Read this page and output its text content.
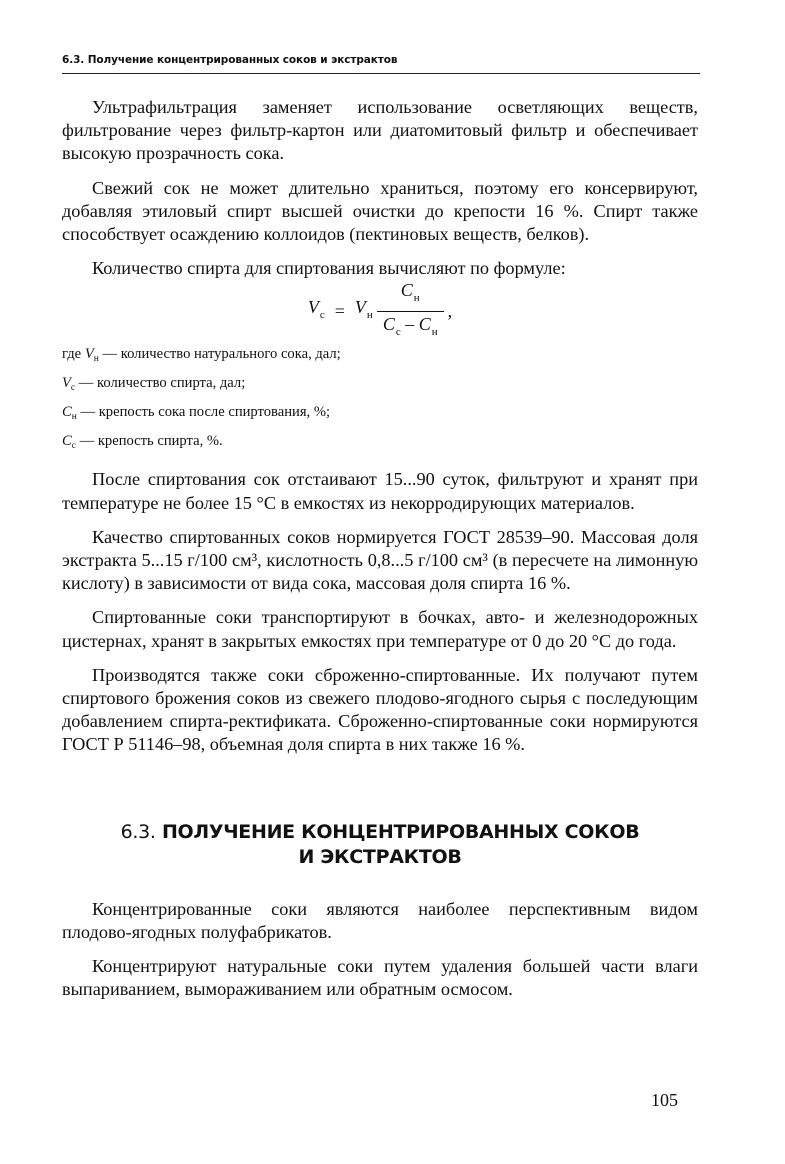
6.3. Получение концентрированных соков и экстрактов

Ультрафильтрация заменяет использование осветляющих веществ, фильтрование через фильтр-картон или диатомитовый фильтр и обеспечивает высокую прозрачность сока.

Свежий сок не может длительно храниться, поэтому его консервируют, добавляя этиловый спирт высшей очистки до крепости 16 %. Спирт также способствует осаждению коллоидов (пектиновых веществ, белков).

Количество спирта для спиртования вычисляют по формуле:

$V_с = V_н \frac{C_н}{C_с - C_н}$ ,
где $V_н$ — количество натурального сока, дал;
$V_с$ — количество спирта, дал;
$C_н$ — крепость сока после спиртования, %;
$C_с$ — крепость спирта, %.

После спиртования сок отстаивают 15...90 суток, фильтруют и хранят при температуре не более 15 °С в емкостях из некорродирующих материалов.

Качество спиртованных соков нормируется ГОСТ 28539–90. Массовая доля экстракта 5...15 г/100 см³, кислотность 0,8...5 г/100 см³ (в пересчете на лимонную кислоту) в зависимости от вида сока, массовая доля спирта 16 %.

Спиртованные соки транспортируют в бочках, авто- и железнодорожных цистернах, хранят в закрытых емкостях при температуре от 0 до 20 °С до года.

Производятся также соки сброженно-спиртованные. Их получают путем спиртового брожения соков из свежего плодово-ягодного сырья с последующим добавлением спирта-ректификата. Сброженно-спиртованные соки нормируются ГОСТ Р 51146–98, объемная доля спирта в них также 16 %.

6.3. ПОЛУЧЕНИЕ КОНЦЕНТРИРОВАННЫХ СОКОВ
И ЭКСТРАКТОВ

Концентрированные соки являются наиболее перспективным видом плодово-ягодных полуфабрикатов.

Концентрируют натуральные соки путем удаления большей части влаги выпариванием, вымораживанием или обратным осмосом.

105
